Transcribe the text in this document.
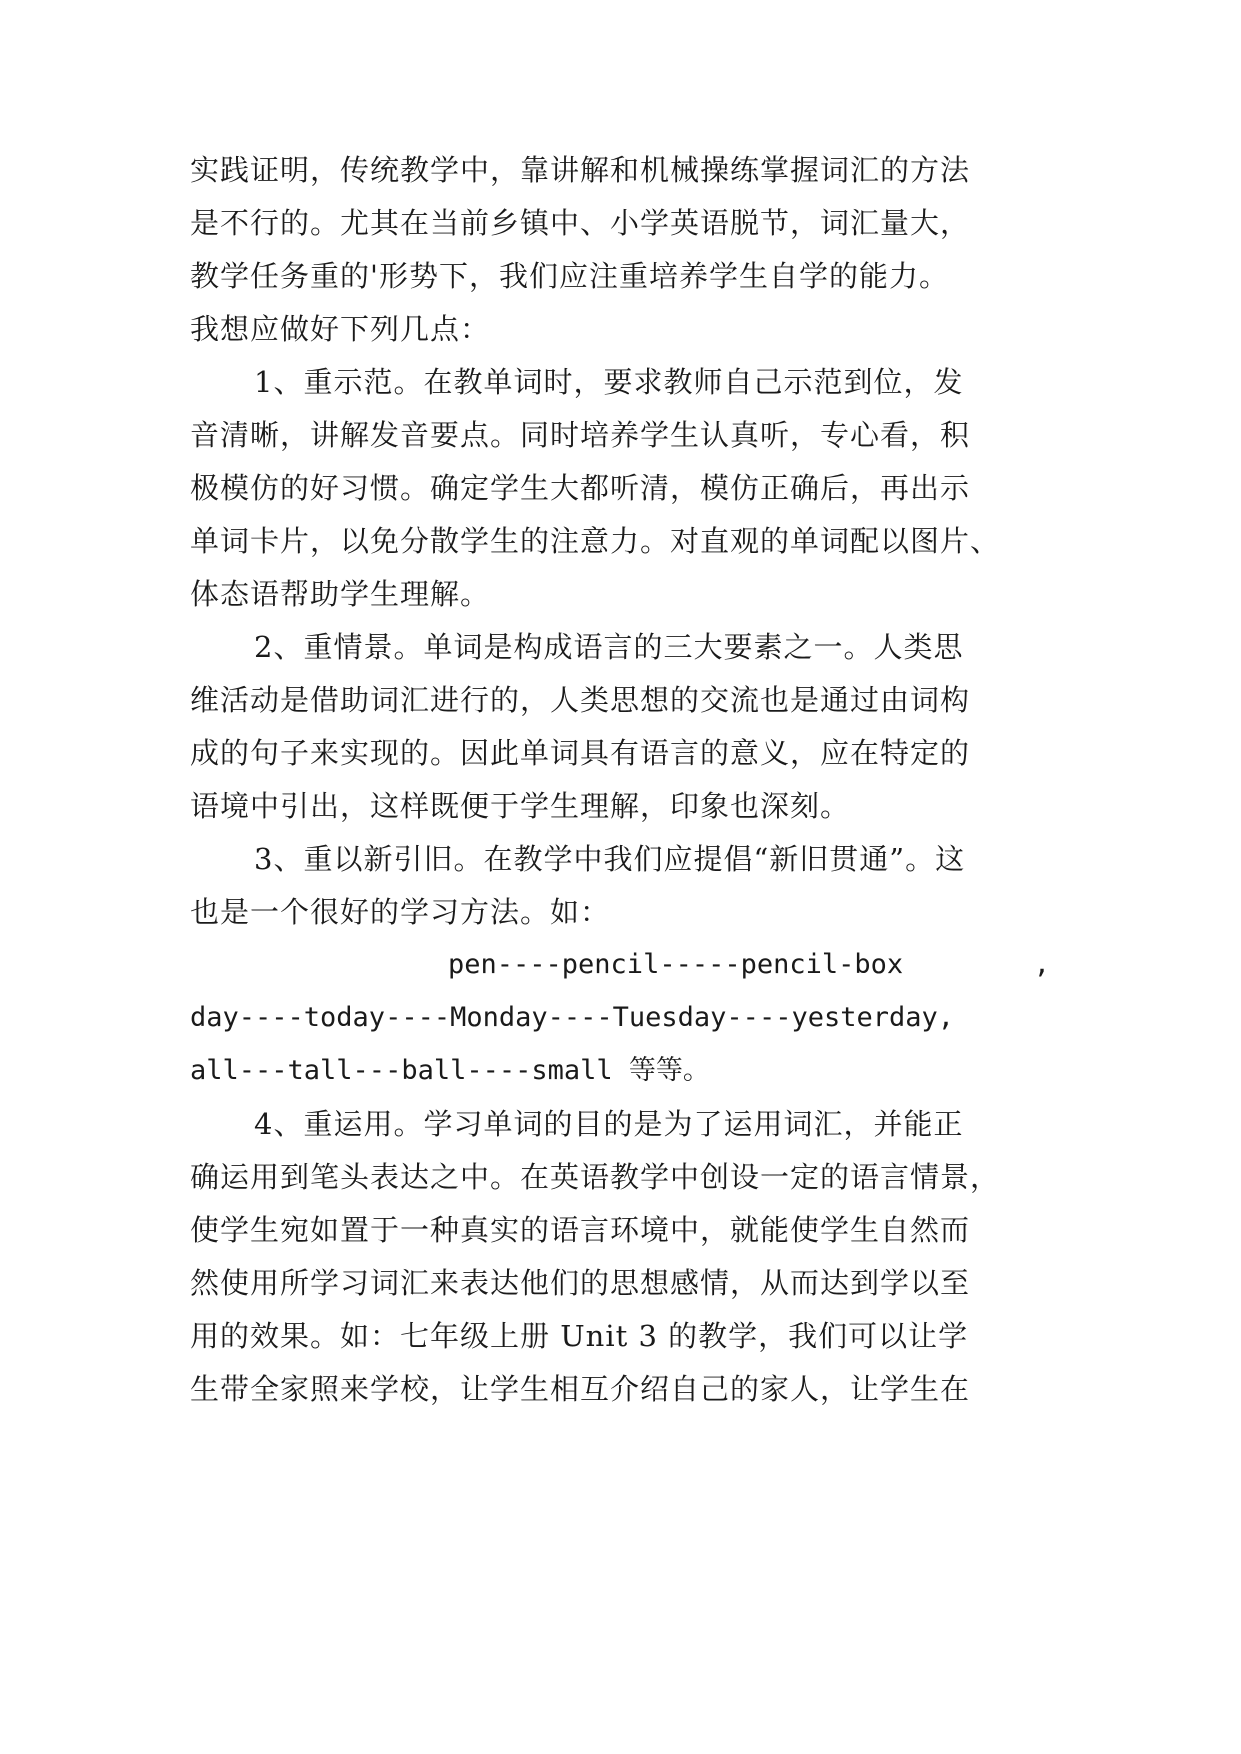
实践证明，传统教学中，靠讲解和机械操练掌握词汇的方法
是不行的。尤其在当前乡镇中、小学英语脱节，词汇量大，
教学任务重的'形势下，我们应注重培养学生自学的能力。
我想应做好下列几点：
1、重示范。在教单词时，要求教师自己示范到位，发
音清晰，讲解发音要点。同时培养学生认真听，专心看，积
极模仿的好习惯。确定学生大都听清，模仿正确后，再出示
单词卡片，以免分散学生的注意力。对直观的单词配以图片、
体态语帮助学生理解。
2、重情景。单词是构成语言的三大要素之一。人类思
维活动是借助词汇进行的，人类思想的交流也是通过由词构
成的句子来实现的。因此单词具有语言的意义，应在特定的
语境中引出，这样既便于学生理解，印象也深刻。
3、重以新引旧。在教学中我们应提倡“新旧贯通”。这
也是一个很好的学习方法。如：
pen----pencil-----pencil-box	,
day----today----Monday----Tuesday----yesterday,
all---tall---ball----small 等等。
4、重运用。学习单词的目的是为了运用词汇，并能正
确运用到笔头表达之中。在英语教学中创设一定的语言情景，
使学生宛如置于一种真实的语言环境中，就能使学生自然而
然使用所学习词汇来表达他们的思想感情，从而达到学以至
用的效果。如：七年级上册 Unit 3 的教学，我们可以让学
生带全家照来学校，让学生相互介绍自己的家人，让学生在
